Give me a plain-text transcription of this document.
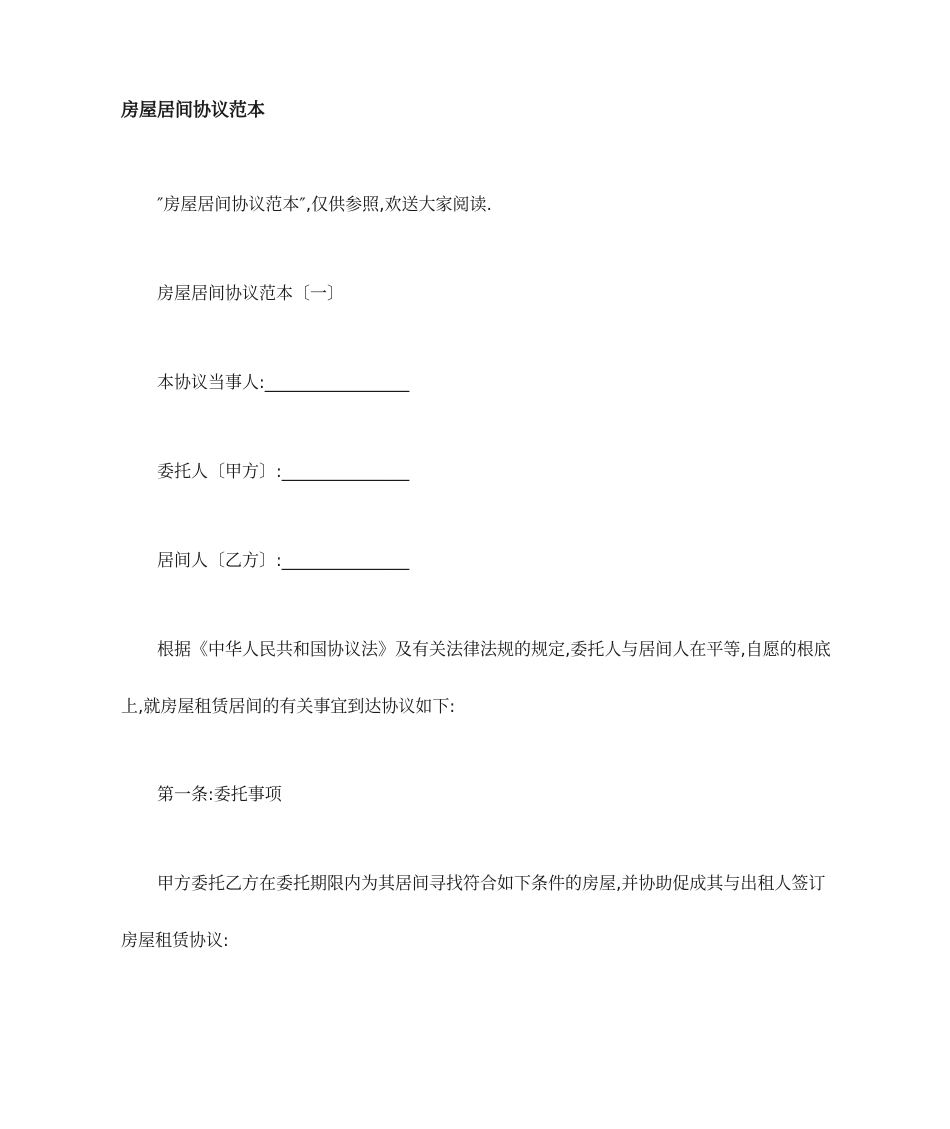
房屋居间协议范本
″房屋居间协议范本″,仅供参照,欢送大家阅读.
房屋居间协议范本〔一〕
本协议当事人:_________________
委托人〔甲方〕:_______________
居间人〔乙方〕:_______________

根据《中华人民共和国协议法》及有关法律法规的规定,委托人与居间人在平等,自愿的根底上,就房屋租赁居间的有关事宜到达协议如下:

第一条:委托事项

甲方委托乙方在委托期限内为其居间寻找符合如下条件的房屋,并协助促成其与出租人签订房屋租赁协议:
